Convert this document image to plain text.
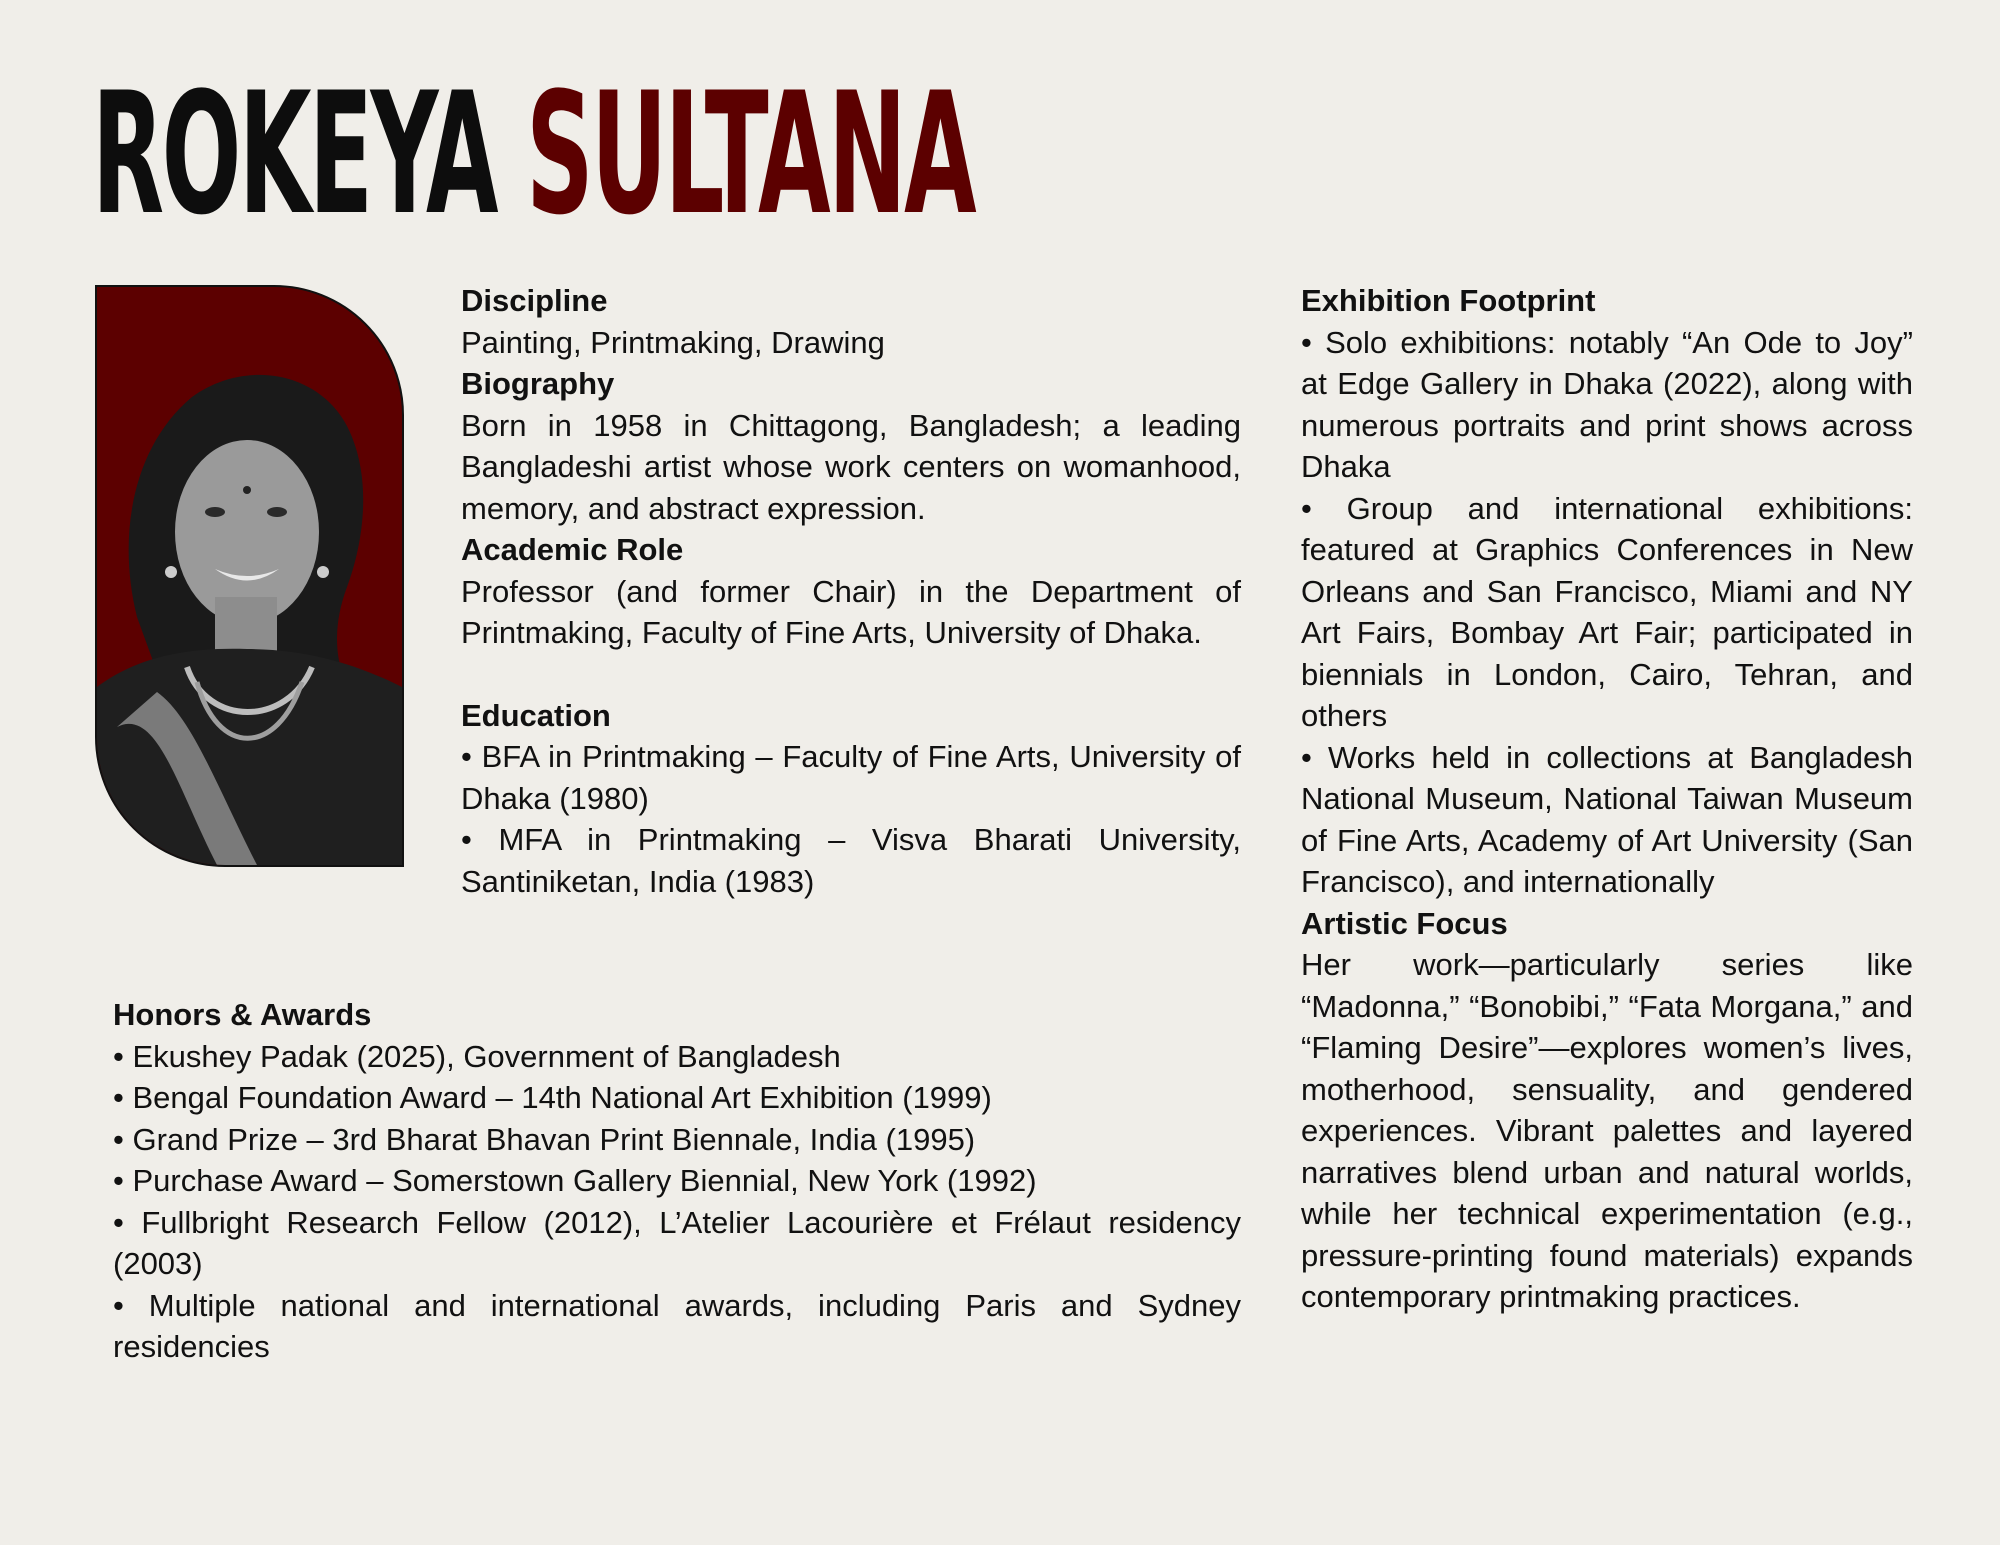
ROKEYA SULTANA
Discipline

Painting, Printmaking, Drawing

Biography

Born in 1958 in Chittagong, Bangladesh; a leading Bangladeshi artist whose work centers on womanhood, memory, and abstract expression.

Academic Role

Professor (and former Chair) in the Department of Printmaking, Faculty of Fine Arts, University of Dhaka.

Education

• BFA in Printmaking – Faculty of Fine Arts, University of Dhaka (1980)

• MFA in Printmaking – Visva Bharati University, Santiniketan, India (1983)

Honors & Awards

• Ekushey Padak (2025), Government of Bangladesh

• Bengal Foundation Award – 14th National Art Exhibition (1999)

• Grand Prize – 3rd Bharat Bhavan Print Biennale, India (1995)

• Purchase Award – Somerstown Gallery Biennial, New York (1992)

• Fullbright Research Fellow (2012), L’Atelier Lacourière et Frélaut residency (2003)

• Multiple national and international awards, including Paris and Sydney residencies

Exhibition Footprint

• Solo exhibitions: notably “An Ode to Joy” at Edge Gallery in Dhaka (2022), along with numerous portraits and print shows across Dhaka

• Group and international exhibitions: featured at Graphics Conferences in New Orleans and San Francisco, Miami and NY Art Fairs, Bombay Art Fair; participated in biennials in London, Cairo, Tehran, and others

• Works held in collections at Bangladesh National Museum, National Taiwan Museum of Fine Arts, Academy of Art University (San Francisco), and internationally

Artistic Focus

Her work—particularly series like “Madonna,” “Bonobibi,” “Fata Morgana,” and “Flaming Desire”—explores women’s lives, motherhood, sensuality, and gendered experiences. Vibrant palettes and layered narratives blend urban and natural worlds, while her technical experimentation (e.g., pressure-printing found materials) expands contemporary printmaking practices.
